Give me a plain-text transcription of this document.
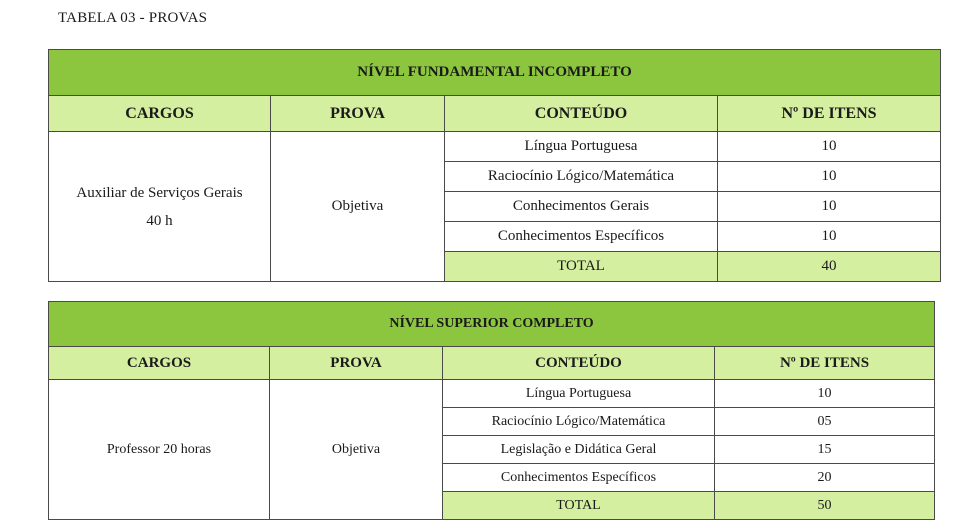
TABELA 03 - PROVAS
NÍVEL FUNDAMENTAL INCOMPLETO			
CARGOS	PROVA	CONTEÚDO	Nº DE ITENS

Auxiliar de Serviços Gerais
40 h	Objetiva	Língua Portuguesa	10
		Raciocínio Lógico/Matemática	10
		Conhecimentos Gerais	10
		Conhecimentos Específicos	10
		TOTAL	40
NÍVEL SUPERIOR COMPLETO			
CARGOS	PROVA	CONTEÚDO	Nº DE ITENS
Professor 20 horas	Objetiva	Língua Portuguesa	10
		Raciocínio Lógico/Matemática	05
		Legislação e Didática Geral	15
		Conhecimentos Específicos	20
		TOTAL	50
